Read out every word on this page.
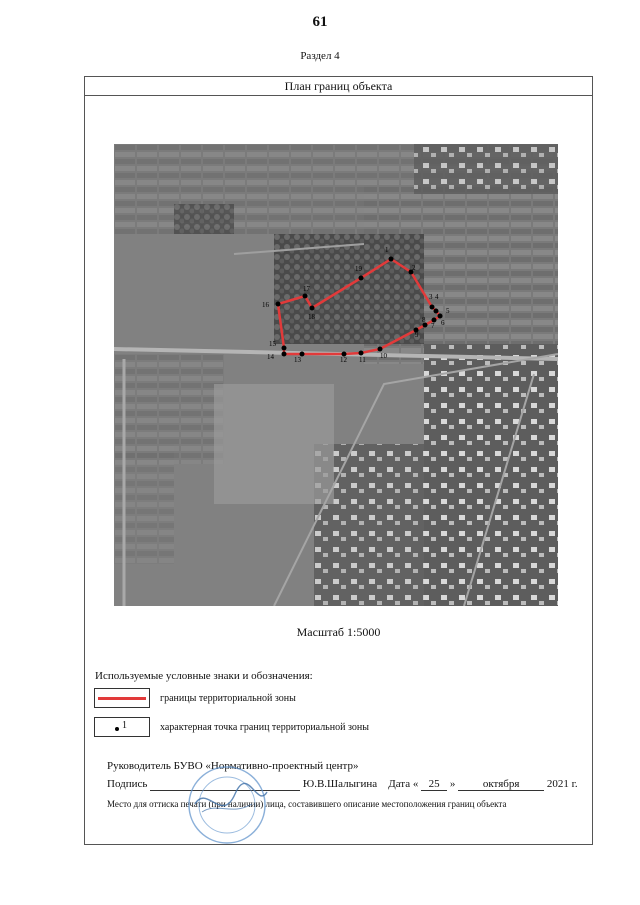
61
Раздел 4
План границ объекта
1
2
3 4
5
6
7
8
9
10
11
12
13
14
15
16
17
18
19
Масштаб 1:5000
Используемые условные знаки и обозначения:
границы территориальной зоны
1	характерная точка границ территориальной зоны
Руководитель БУВО «Нормативно-проектный центр»
Подпись	Ю.В.Шалыгина Дата « 25 » октября 2021 г.
Место для оттиска печати (при наличии) лица, составившего описание местоположения границ объекта
